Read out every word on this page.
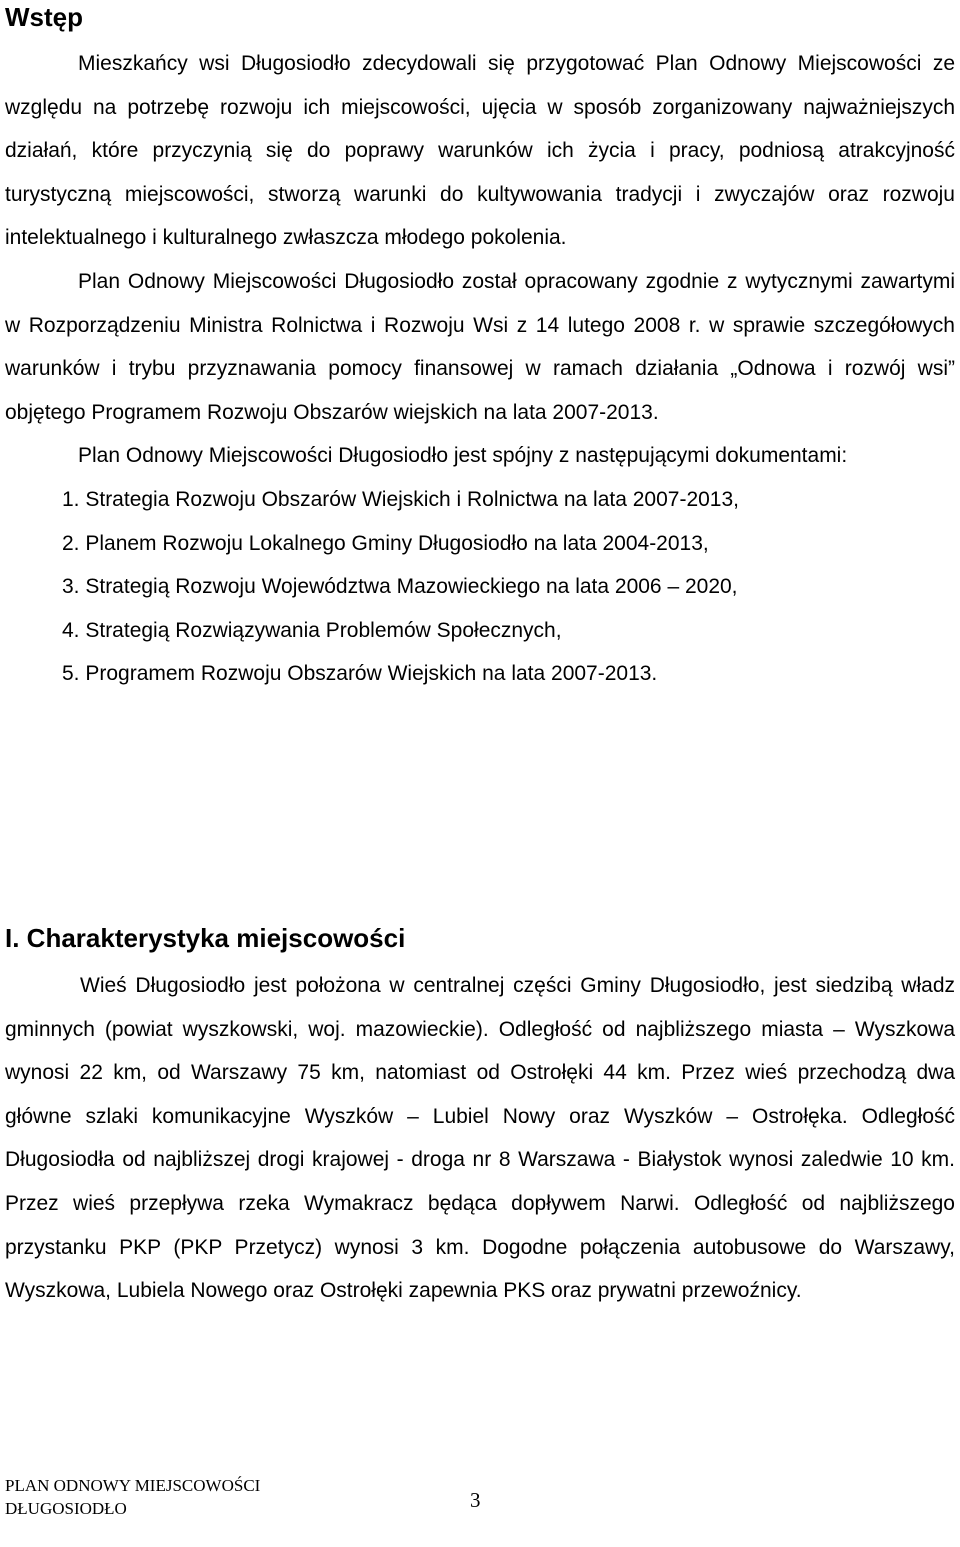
Wstęp

Mieszkańcy wsi Długosiodło zdecydowali się przygotować Plan Odnowy Miejscowości ze względu na potrzebę rozwoju ich miejscowości, ujęcia w sposób zorganizowany najważniejszych działań, które przyczynią się do poprawy warunków ich życia i pracy, podniosą atrakcyjność turystyczną miejscowości, stworzą warunki do kultywowania tradycji i zwyczajów oraz rozwoju intelektualnego i kulturalnego zwłaszcza młodego pokolenia.

Plan Odnowy Miejscowości Długosiodło został opracowany zgodnie z wytycznymi zawartymi w Rozporządzeniu Ministra Rolnictwa i Rozwoju Wsi z 14 lutego 2008 r. w sprawie szczegółowych warunków i trybu przyznawania pomocy finansowej w ramach działania „Odnowa i rozwój wsi” objętego Programem Rozwoju Obszarów wiejskich na lata 2007-2013.

Plan Odnowy Miejscowości Długosiodło jest spójny z następującymi dokumentami:

1. Strategia Rozwoju Obszarów Wiejskich i Rolnictwa na lata 2007-2013,
2. Planem Rozwoju Lokalnego Gminy Długosiodło na lata 2004-2013,
3. Strategią Rozwoju Województwa Mazowieckiego na lata 2006 – 2020,
4. Strategią Rozwiązywania Problemów Społecznych,
5. Programem Rozwoju Obszarów Wiejskich na lata 2007-2013.
I. Charakterystyka miejscowości

Wieś Długosiodło jest położona w centralnej części Gminy Długosiodło, jest siedzibą władz gminnych (powiat wyszkowski, woj. mazowieckie). Odległość od najbliższego miasta – Wyszkowa wynosi 22 km, od Warszawy 75 km, natomiast od Ostrołęki 44 km. Przez wieś przechodzą dwa główne szlaki komunikacyjne Wyszków – Lubiel Nowy oraz Wyszków – Ostrołęka. Odległość Długosiodła od najbliższej drogi krajowej - droga nr 8 Warszawa - Białystok wynosi zaledwie 10 km. Przez wieś przepływa rzeka Wymakracz będąca dopływem Narwi. Odległość od najbliższego przystanku PKP (PKP Przetycz) wynosi 3 km. Dogodne połączenia autobusowe do Warszawy, Wyszkowa, Lubiela Nowego oraz Ostrołęki zapewnia PKS oraz prywatni przewoźnicy.

PLAN ODNOWY MIEJSCOWOŚCI
DŁUGOSIODŁO	3
